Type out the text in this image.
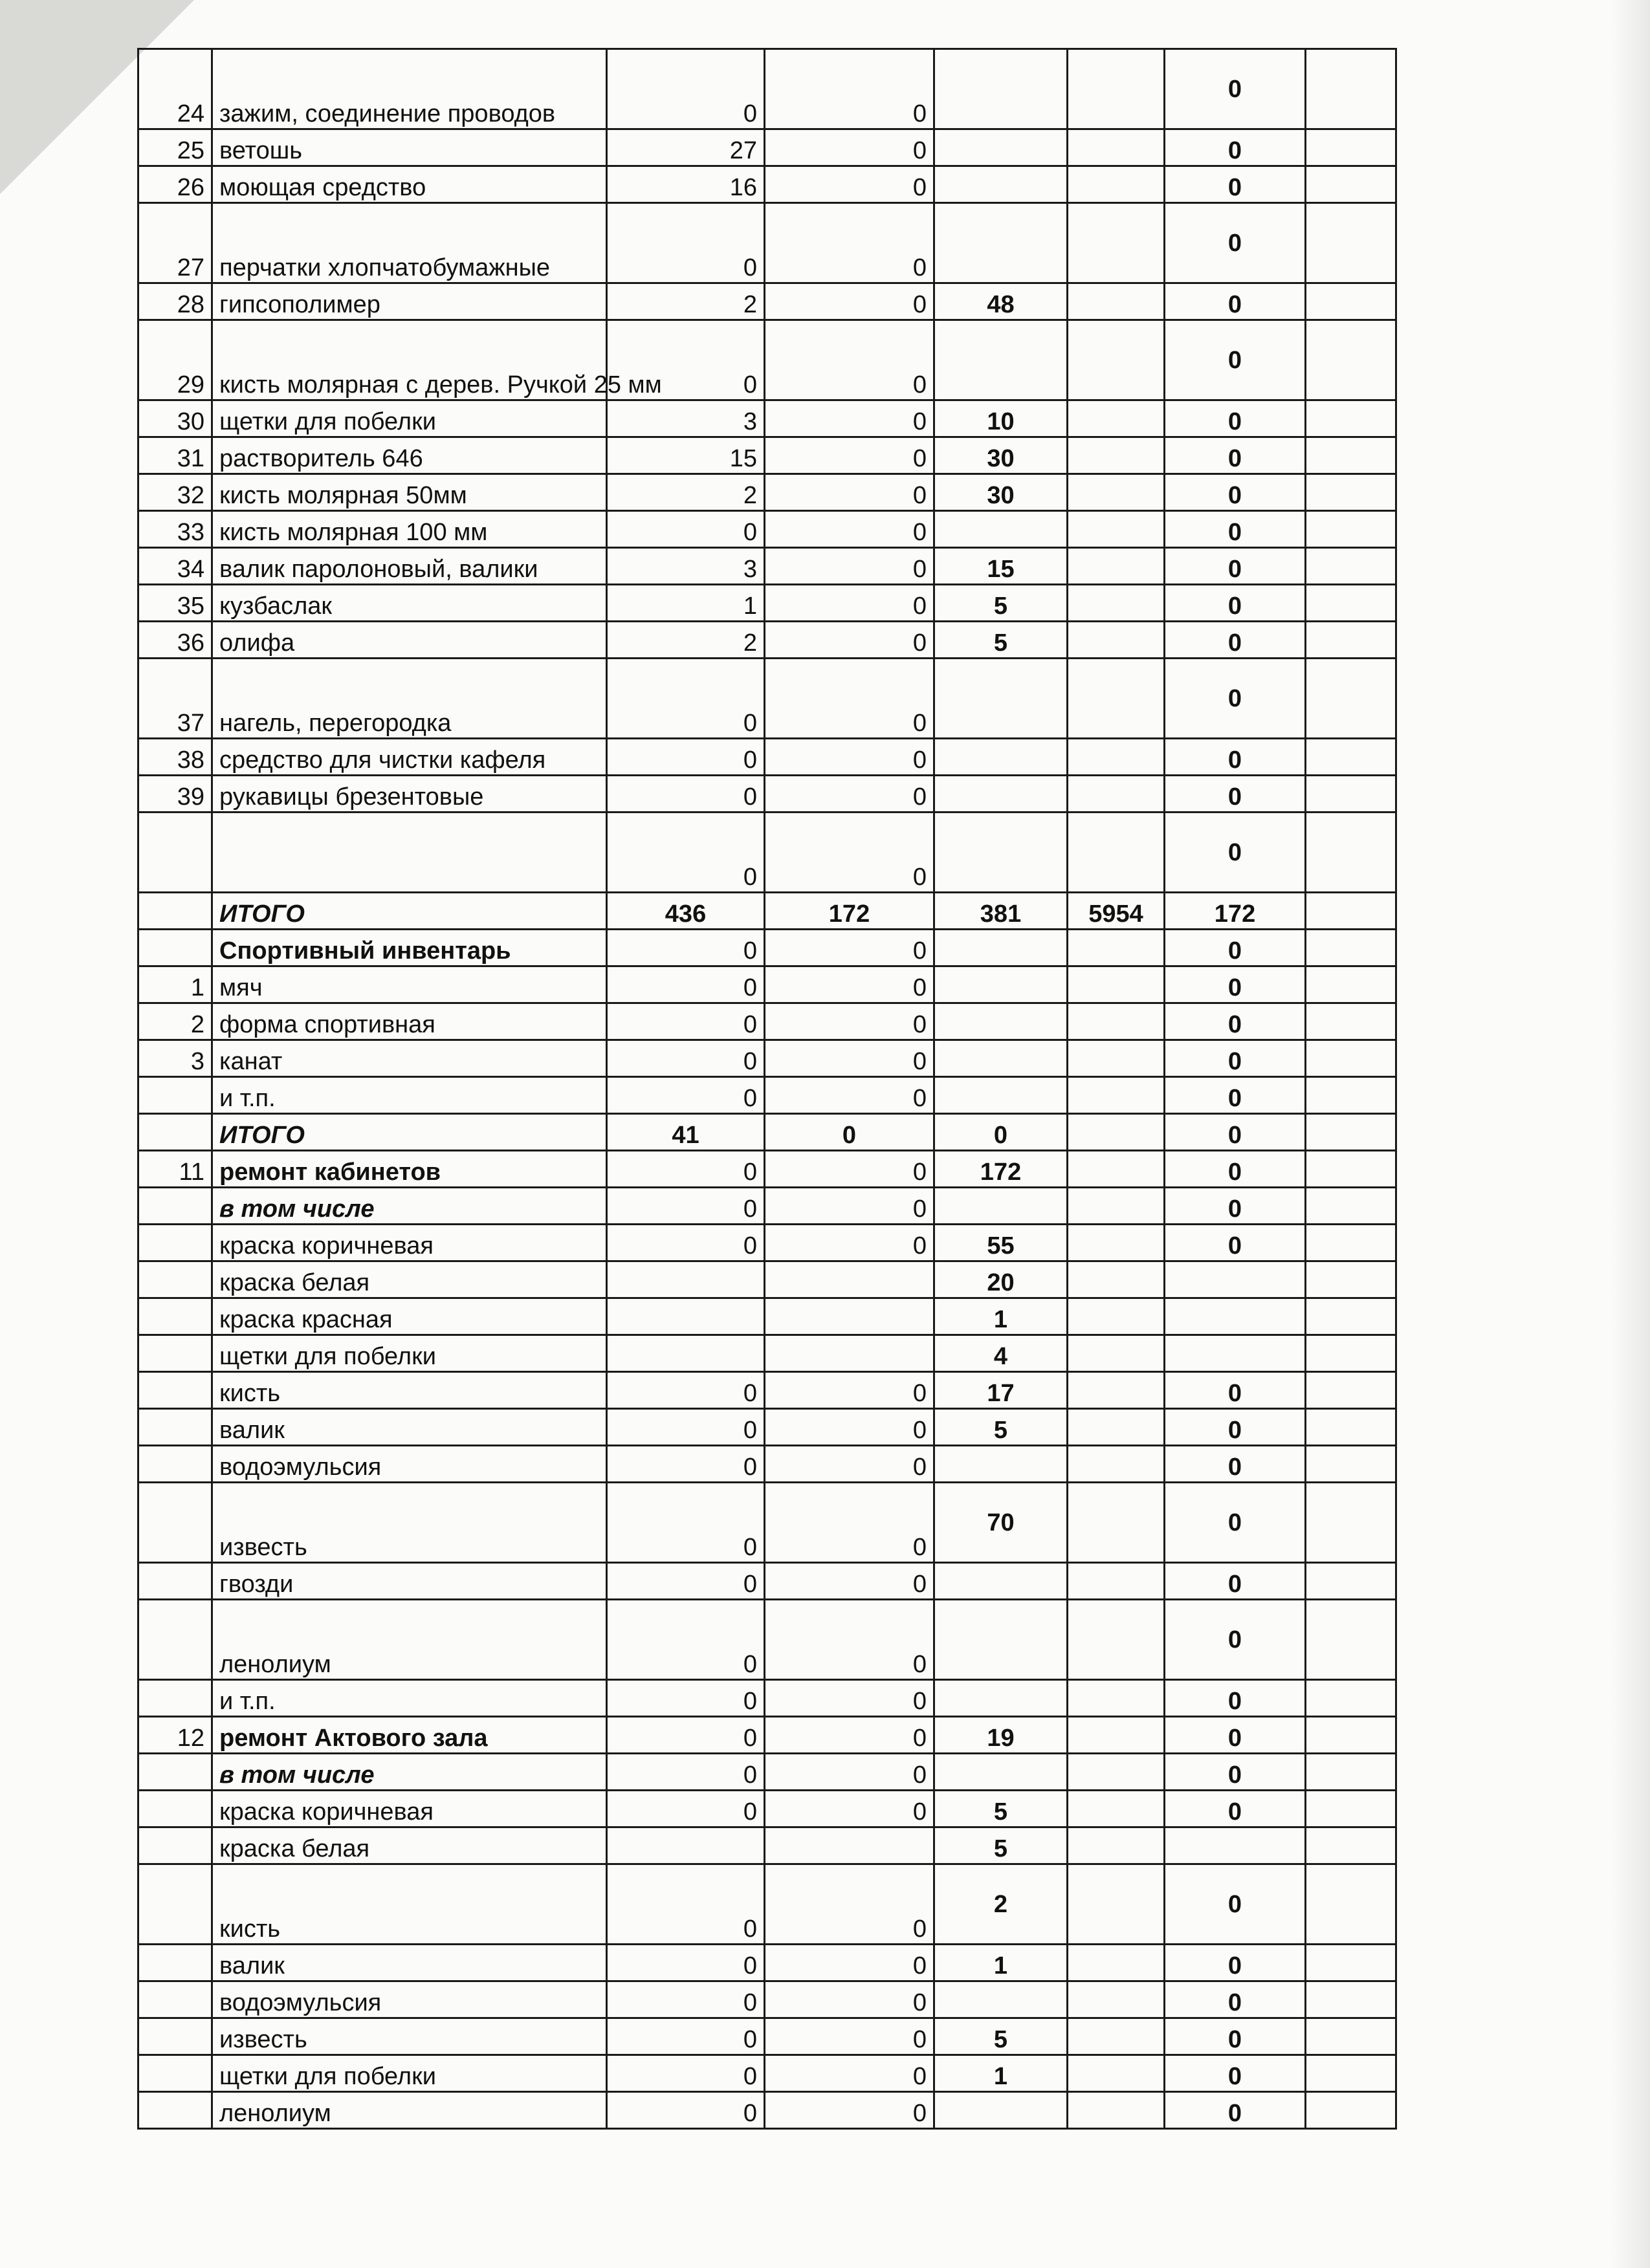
24	зажим, соединение проводов	0	0			0	
25	ветошь	27	0			0	
26	моющая средство	16	0			0	
27	перчатки хлопчатобумажные	0	0			0	
28	гипсополимер	2	0	48		0	
29	кисть молярная с дерев. Ручкой 25 мм	0	0			0	
30	щетки для побелки	3	0	10		0	
31	растворитель 646	15	0	30		0	
32	кисть молярная 50мм	2	0	30		0	
33	кисть молярная 100 мм	0	0			0	
34	валик паролоновый, валики	3	0	15		0	
35	кузбаслак	1	0	5		0	
36	олифа	2	0	5		0	
37	нагель, перегородка	0	0			0	
38	средство для чистки кафеля	0	0			0	
39	рукавицы брезентовые	0	0			0	
		0	0			0	
	ИТОГО	436	172	381	5954	172	
	Спортивный инвентарь	0	0			0	
1	мяч	0	0			0	
2	форма спортивная	0	0			0	
3	канат	0	0			0	
	и т.п.	0	0			0	
	ИТОГО	41	0	0		0	
11	ремонт кабинетов	0	0	172		0	
	в том числе	0	0			0	
	краска коричневая	0	0	55		0	
	краска белая			20			
	краска красная			1			
	щетки для побелки			4			
	кисть	0	0	17		0	
	валик	0	0	5		0	
	водоэмульсия	0	0			0	
	известь	0	0	70		0	
	гвозди	0	0			0	
	ленолиум	0	0			0	
	и т.п.	0	0			0	
12	ремонт Актового зала	0	0	19		0	
	в том числе	0	0			0	
	краска коричневая	0	0	5		0	
	краска белая			5			
	кисть	0	0	2		0	
	валик	0	0	1		0	
	водоэмульсия	0	0			0	
	известь	0	0	5		0	
	щетки для побелки	0	0	1		0	
	ленолиум	0	0			0	
